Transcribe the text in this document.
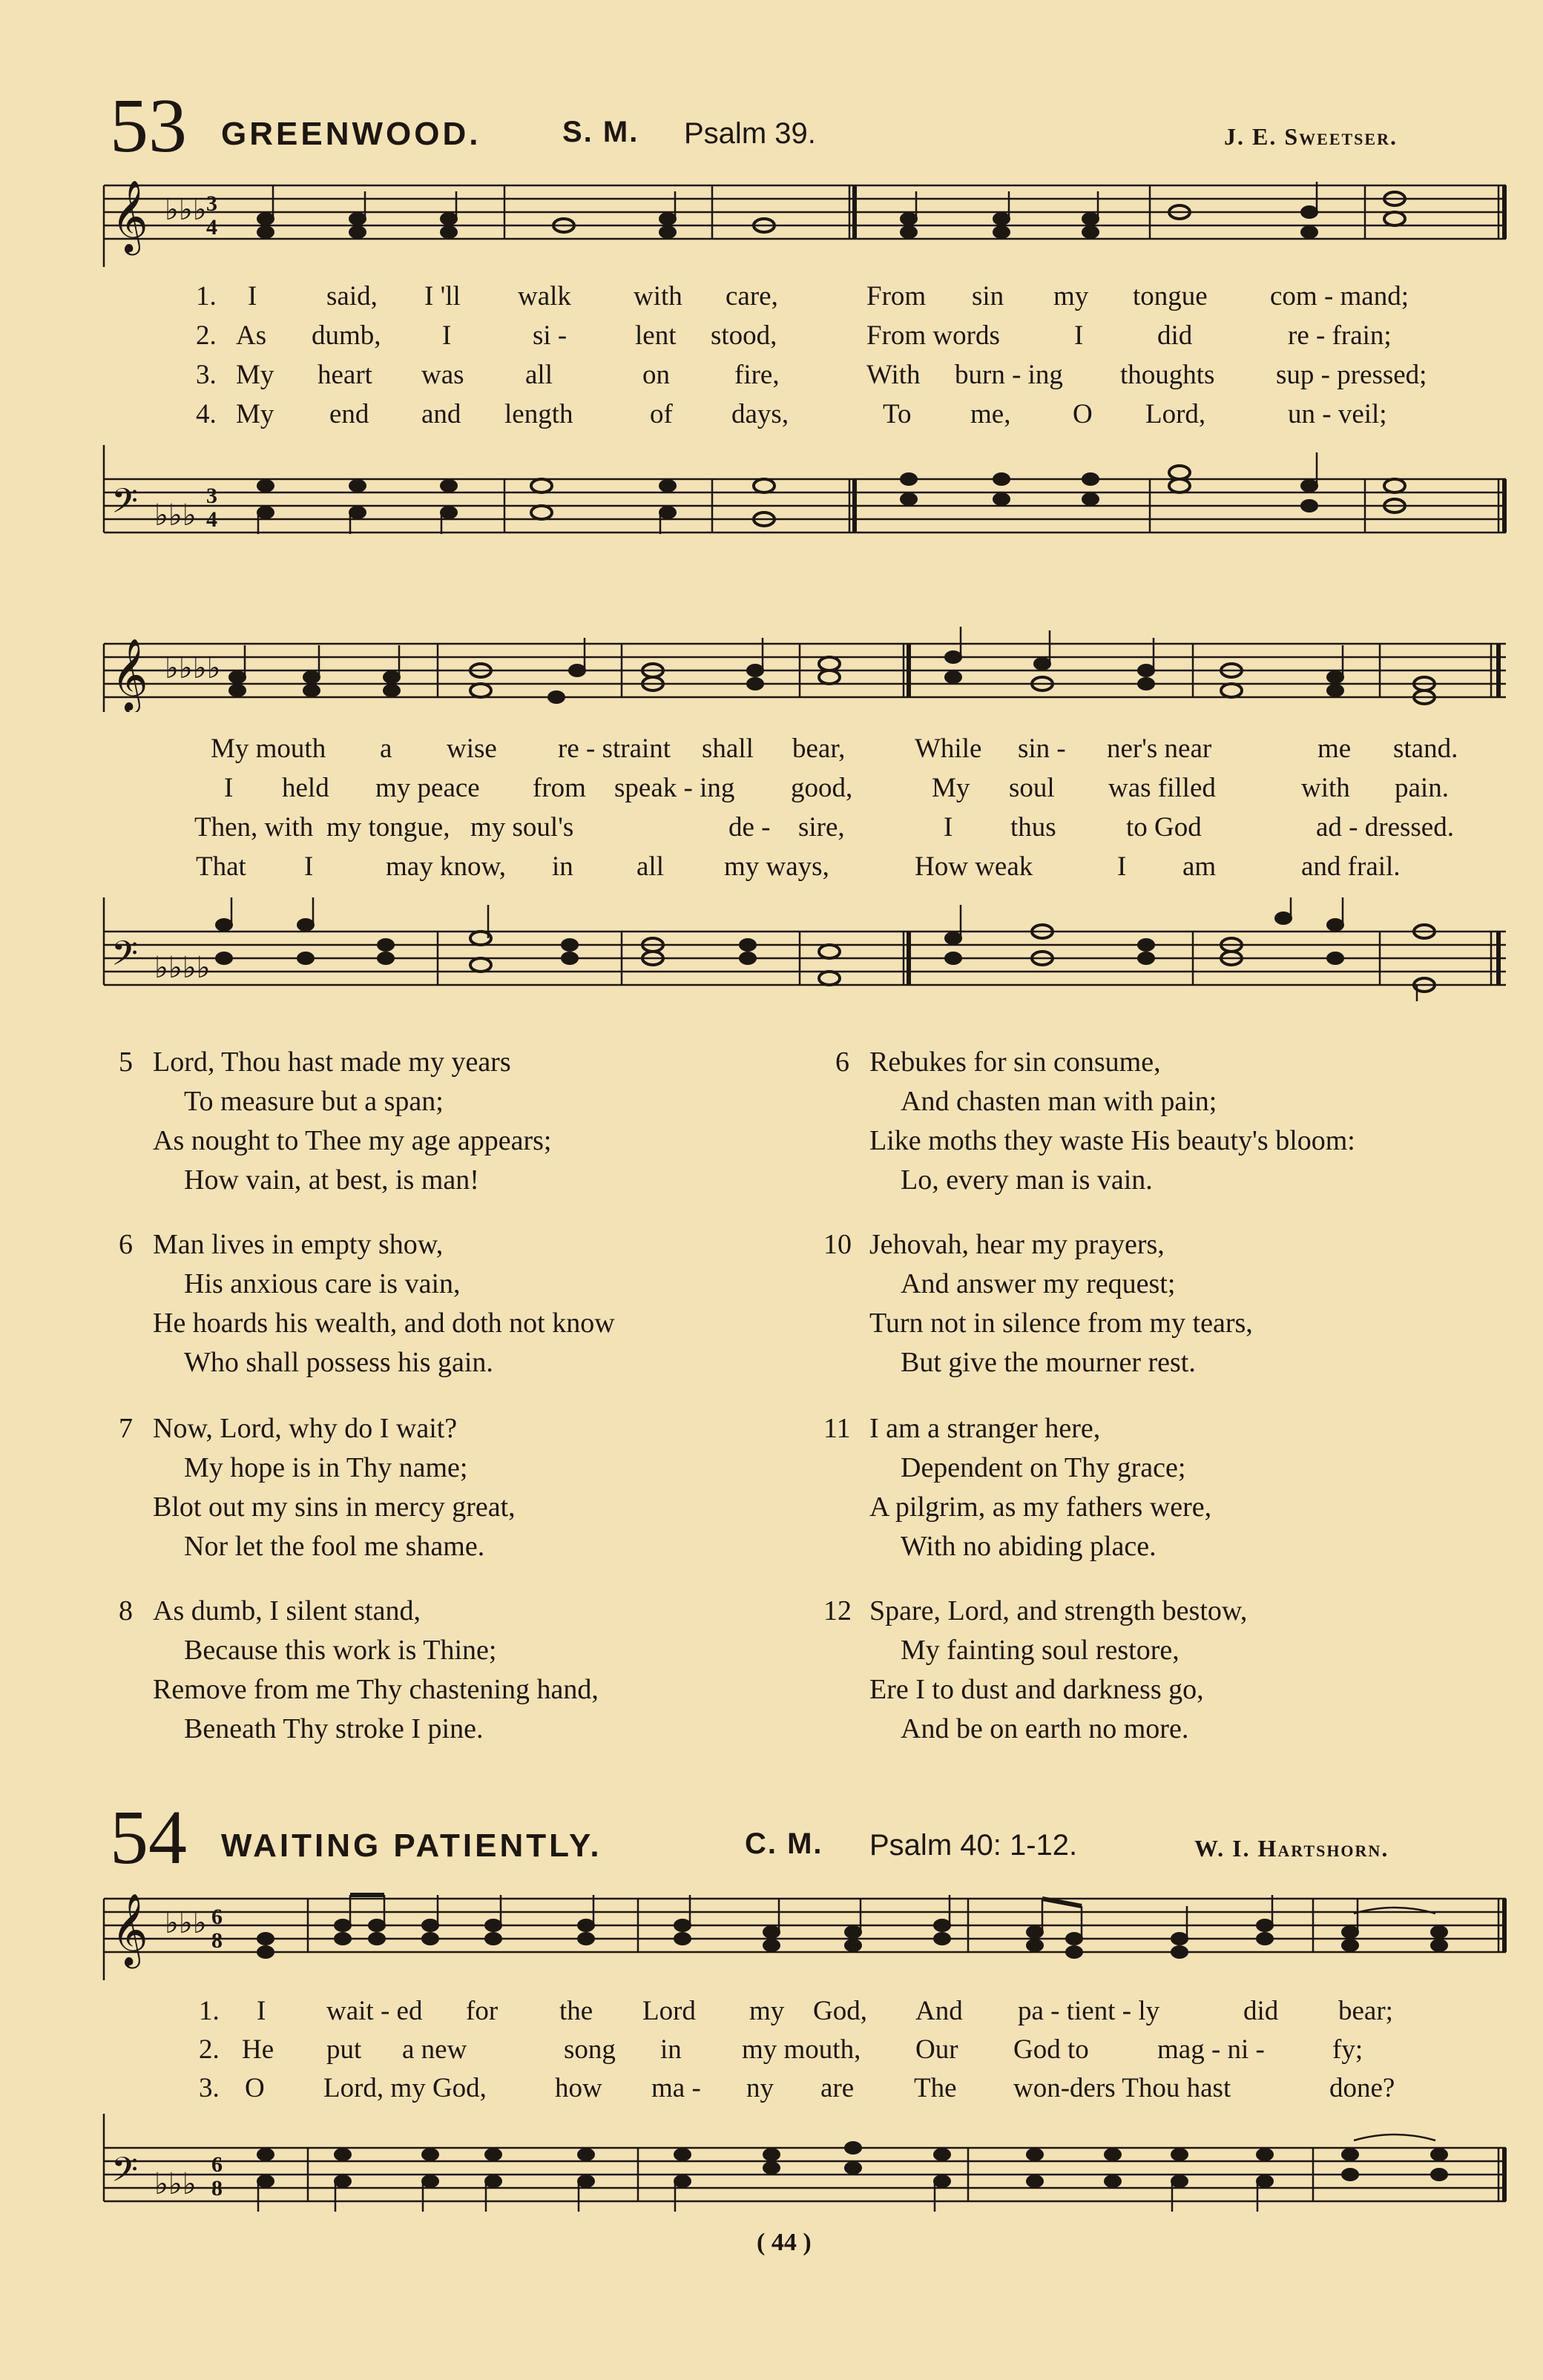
53 GREENWOOD.	S. M. Psalm 39.	J. E. Sweetser.
𝄞 ♭♭♭ 3
4
1. I	said, I 'll walk with care,	From sin my tongue com - mand;
2. As dumb, I	si - lent stood,	From words	I	did	re - frain;
3. My heart was all	on fire,	With burn - ing thoughts sup - pressed;
4. My end and length	of days,	To me, O Lord,	un - veil;
𝄢 ♭♭♭
3
4
𝄞 ♭♭♭♭
My mouth a wise re - straint shall bear,	While sin - ner's near	me stand.
I held my peace from speak - ing good,	My soul was filled	with pain.
Then, with my tongue, my soul's	de - sire,	I thus	to God	ad - dressed.
That I	may know, in all my ways,	How weak	I am	and frail.
𝄢 ♭♭♭♭
5 Lord, Thou hast made my years
To measure but a span;
As nought to Thee my age appears;
How vain, at best, is man!
6 Man lives in empty show,
His anxious care is vain,
He hoards his wealth, and doth not know
Who shall possess his gain.
7 Now, Lord, why do I wait?
My hope is in Thy name;
Blot out my sins in mercy great,
Nor let the fool me shame.
8 As dumb, I silent stand,
Because this work is Thine;
Remove from me Thy chastening hand,
Beneath Thy stroke I pine.
6 Rebukes for sin consume,
And chasten man with pain;
Like moths they waste His beauty's bloom:
Lo, every man is vain.
10 Jehovah, hear my prayers,
And answer my request;
Turn not in silence from my tears,
But give the mourner rest.
11 I am a stranger here,
Dependent on Thy grace;
A pilgrim, as my fathers were,
With no abiding place.
12 Spare, Lord, and strength bestow,
My fainting soul restore,
Ere I to dust and darkness go,
And be on earth no more.
54 WAITING PATIENTLY.	C. M. Psalm 40: 1-12.	W. I. Hartshorn.
𝄞 ♭♭♭ 6
8
1. I wait - ed for the Lord my God, And pa - tient - ly	did bear;
2. He put a new	song in my mouth, Our God to mag - ni - fy;
3. O Lord, my God, how ma - ny are The won-ders Thou hast	done?
𝄢 ♭♭♭
6
8
( 44 )
